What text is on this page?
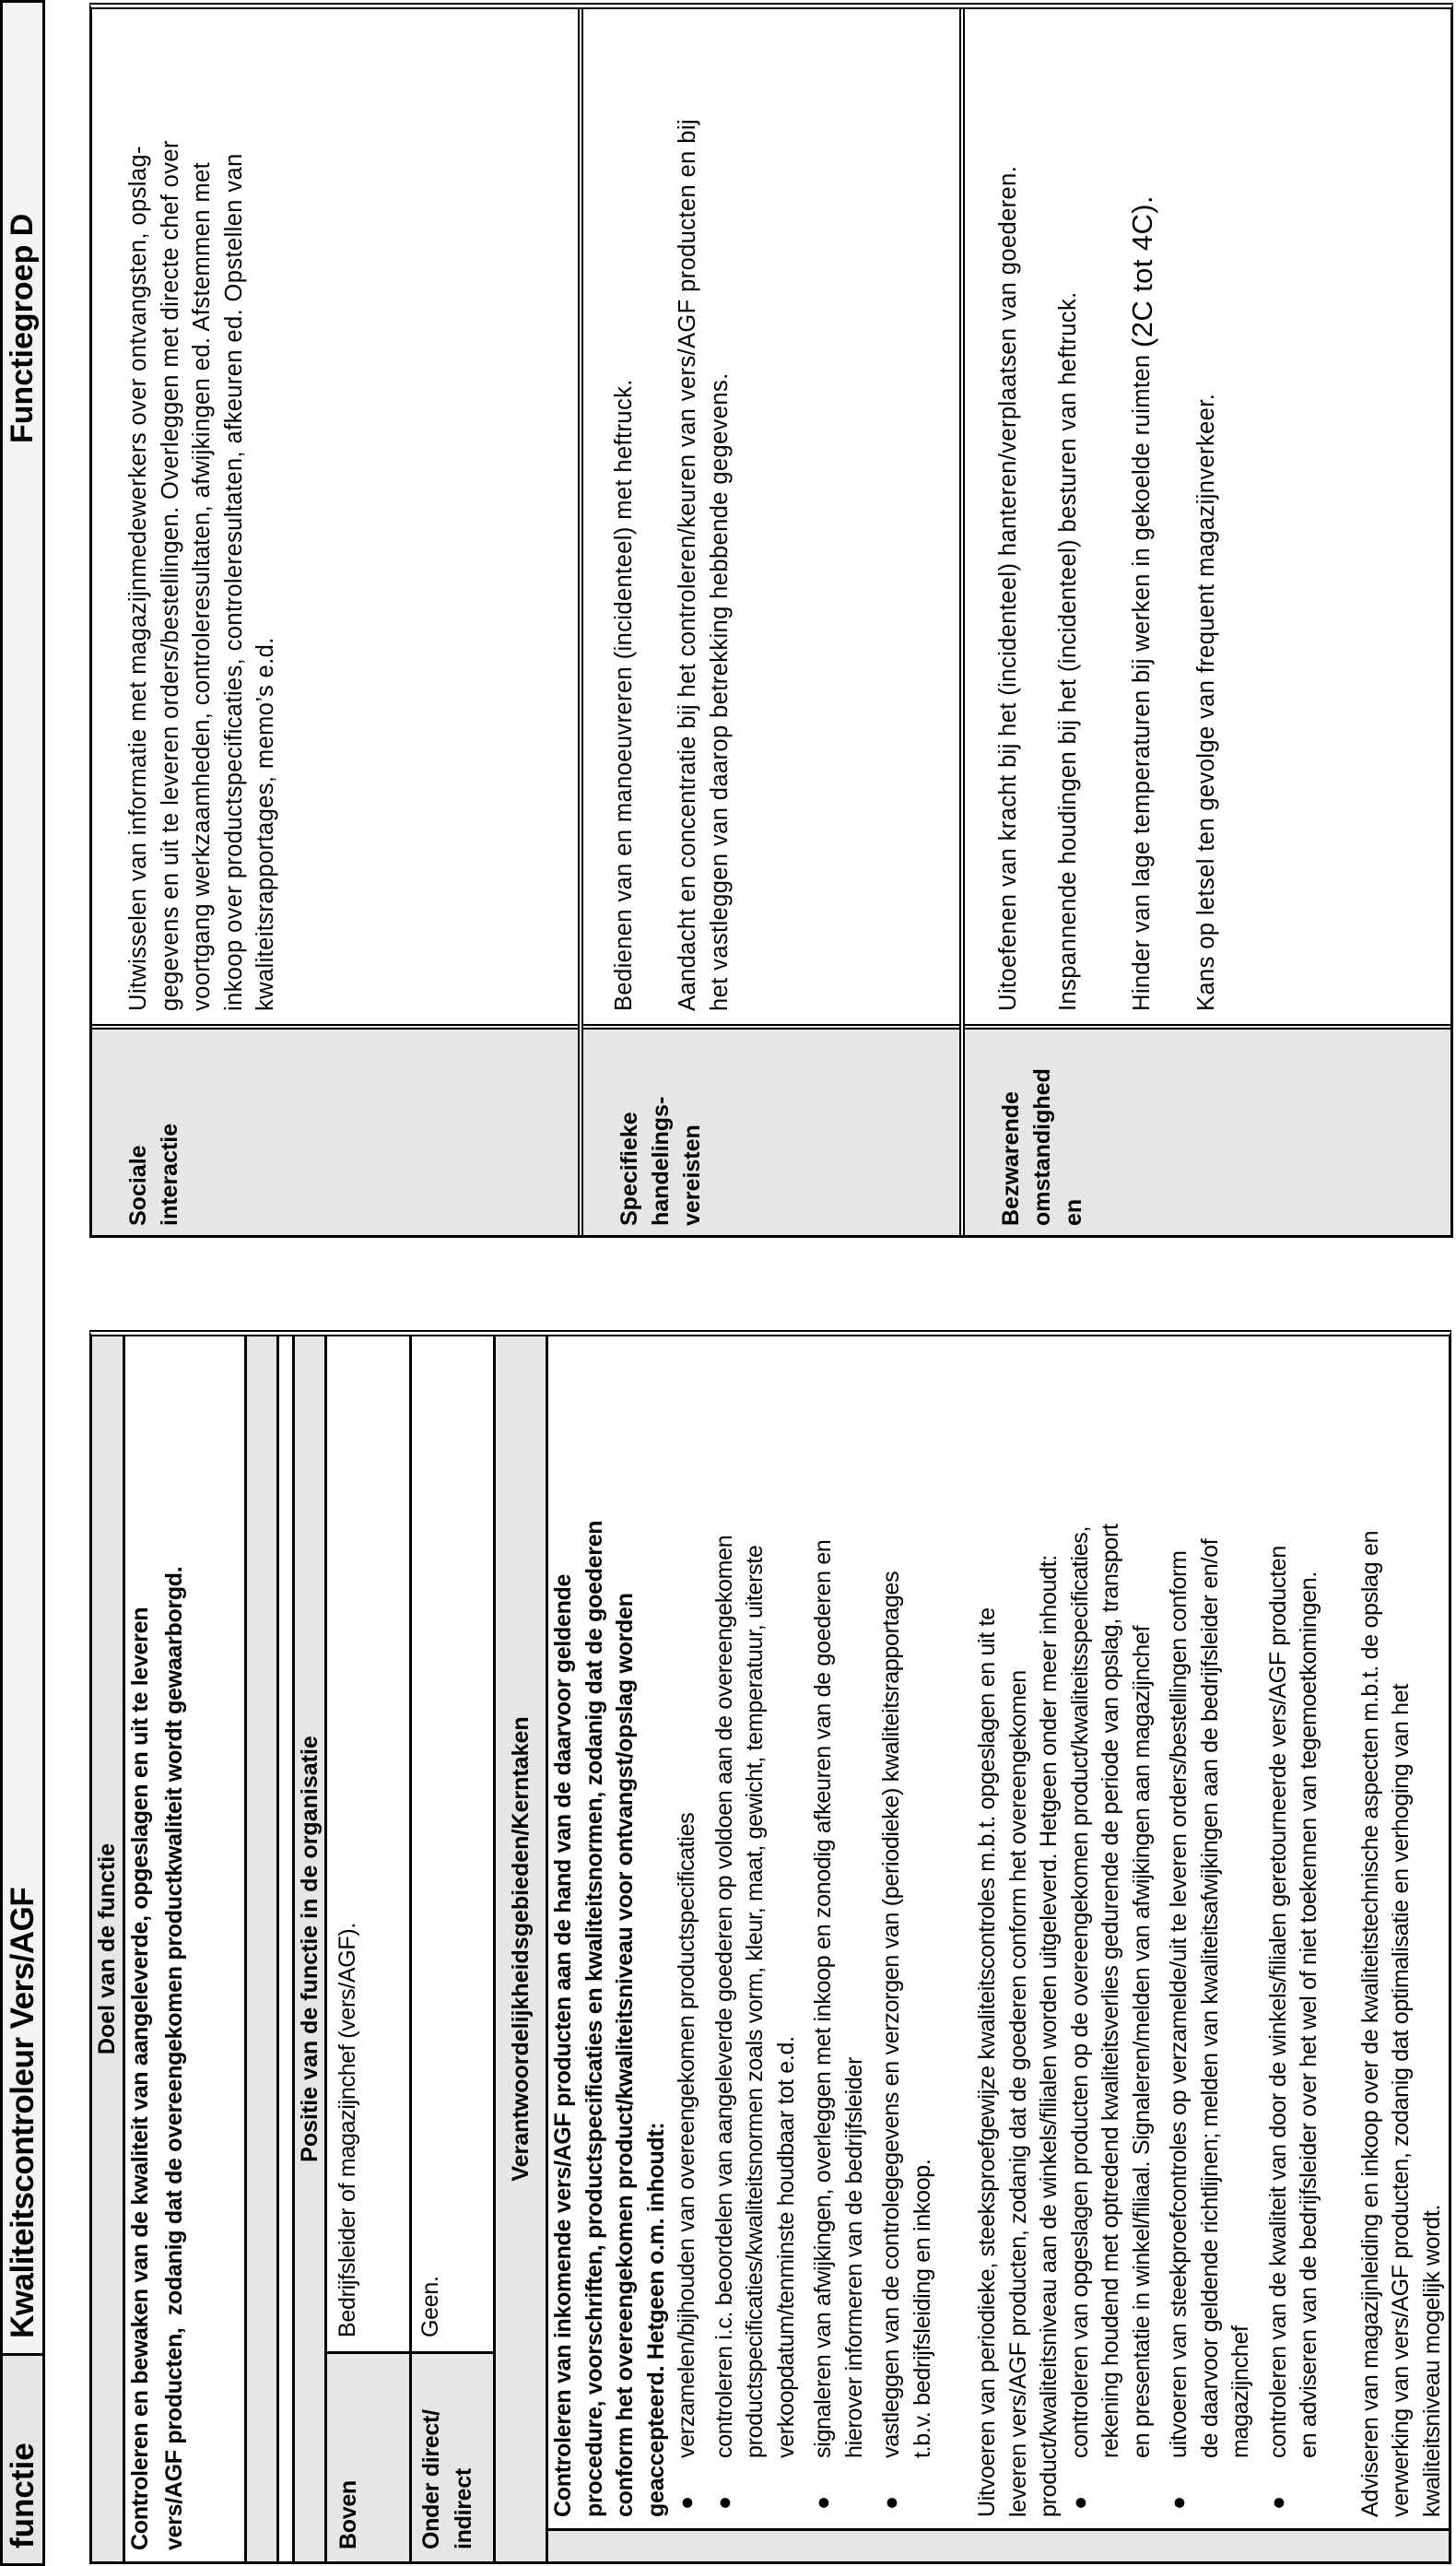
functie
Kwaliteitscontroleur Vers/AGF
Functiegroep D
Doel van de functie
Controleren en bewaken van de kwaliteit van aangeleverde, opgeslagen en uit te leveren
vers/AGF producten,  zodanig dat de overeengekomen productkwaliteit wordt gewaarborgd.
Positie van de functie in de organisatie
Boven
Bedrijfsleider of magazijnchef (vers/AGF).
Onder direct/
indirect
Geen.
Verantwoordelijkheidsgebieden/Kerntaken
Controleren van inkomende vers/AGF producten aan de hand van de daarvoor geldende
procedure, voorschriften, productspecificaties en kwaliteitsnormen, zodanig dat de goederen
conform het overeengekomen product/kwaliteitsniveau voor ontvangst/opslag worden
geaccepteerd. Hetgeen o.m. inhoudt:
●
verzamelen/bijhouden van overeengekomen productspecificaties
●
controleren i.c. beoordelen van aangeleverde goederen op voldoen aan de overeengekomen
productspecificaties/kwaliteitsnormen zoals vorm, kleur, maat, gewicht, temperatuur, uiterste
verkoopdatum/tenminste houdbaar tot e.d.
●
signaleren van afwijkingen, overleggen met inkoop en zonodig afkeuren van de goederen en
hierover informeren van de bedrijfsleider
●
vastleggen van de controlegegevens en verzorgen van (periodieke) kwaliteitsrapportages
t.b.v. bedrijfsleiding en inkoop.
Uitvoeren van periodieke, steeksproefgewijze kwaliteitscontroles m.b.t. opgeslagen en uit te
leveren vers/AGF producten, zodanig dat de goederen conform het overeengekomen
product/kwaliteitsniveau aan de winkels/filialen worden uitgeleverd. Hetgeen onder meer inhoudt:
●
controleren van opgeslagen producten op de overeengekomen product/kwaliteitsspecificaties,
rekening houdend met optredend kwaliteitsverlies gedurende de periode van opslag, transport
en presentatie in winkel/filiaal. Signaleren/melden van afwijkingen aan magazijnchef
●
uitvoeren van steekproefcontroles op verzamelde/uit te leveren orders/bestellingen conform
de daarvoor geldende richtlijnen; melden van kwaliteitsafwijkingen aan de bedrijfsleider en/of
magazijnchef
●
controleren van de kwaliteit van door de winkels/filialen geretourneerde vers/AGF producten
en adviseren van de bedrijfsleider over het wel of niet toekennen van tegemoetkomingen.
Adviseren van magazijnleiding en inkoop over de kwaliteitstechnische aspecten m.b.t. de opslag en
verwerking van vers/AGF producten, zodanig dat optimalisatie en verhoging van het
kwaliteitsniveau mogelijk wordt.
Sociale
interactie
Uitwisselen van informatie met magazijnmedewerkers over ontvangsten, opslag-
gegevens en uit te leveren orders/bestellingen. Overleggen met directe chef over
voortgang werkzaamheden, controleresultaten, afwijkingen ed. Afstemmen met
inkoop over productspecificaties, controleresultaten, afkeuren ed. Opstellen van
kwaliteitsrapportages, memo’s e.d.
Specifieke
handelings-
vereisten
Bedienen van en manoeuvreren (incidenteel) met heftruck.

Aandacht en concentratie bij het controleren/keuren van vers/AGF producten en bij
het vastleggen van daarop betrekking hebbende gegevens.
Bezwarende
omstandighed
en

Uitoefenen van kracht bij het (incidenteel) hanteren/verplaatsen van goederen.

Inspannende houdingen bij het (incidenteel) besturen van heftruck.

Hinder van lage temperaturen bij werken in gekoelde ruimten (2C tot 4C).

Kans op letsel ten gevolge van frequent magazijnverkeer.
